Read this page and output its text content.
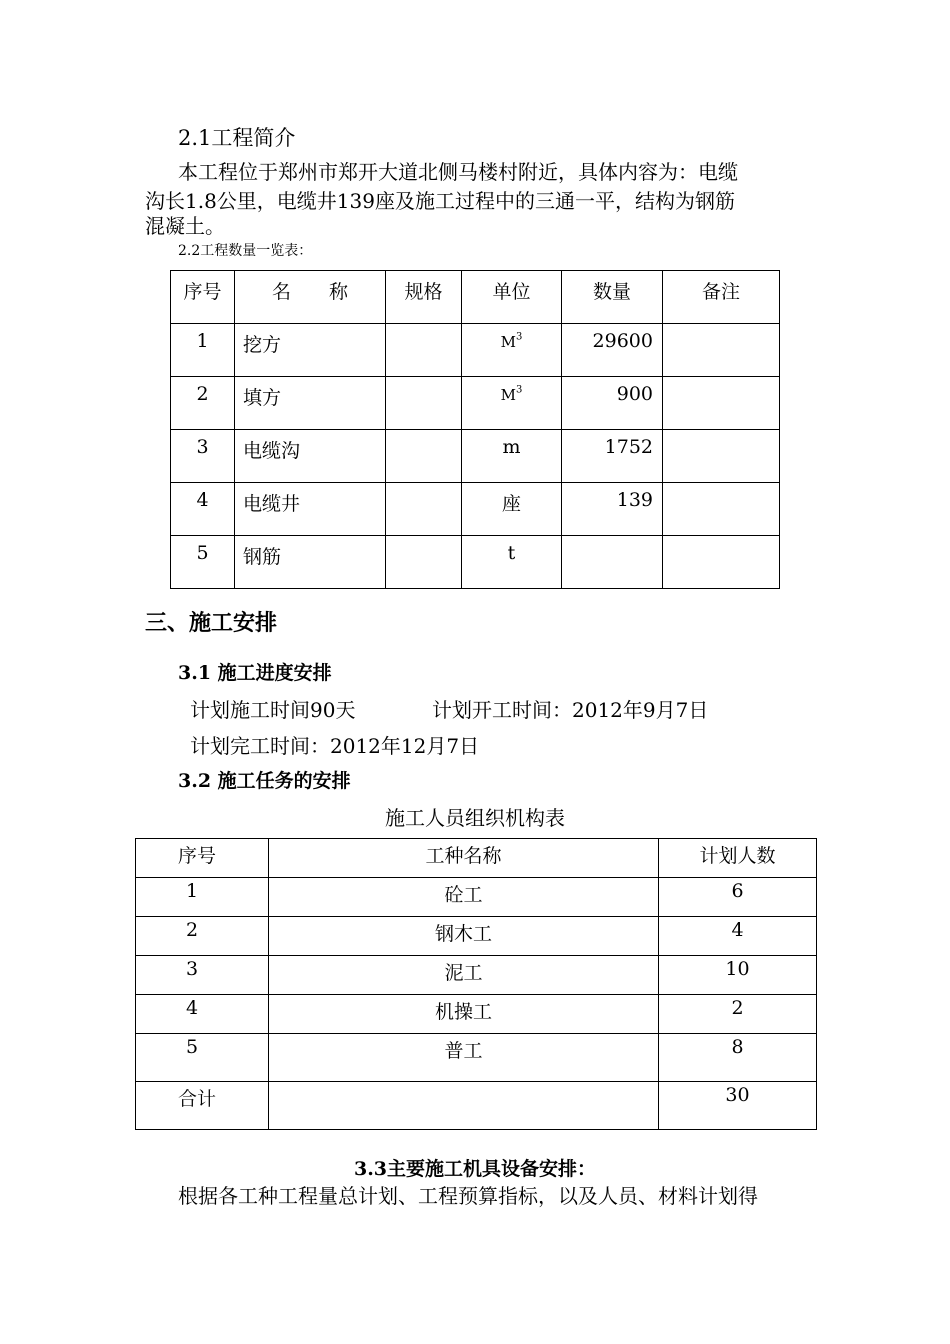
2.1工程简介
本工程位于郑州市郑开大道北侧马楼村附近，具体内容为：电缆
沟长1.8公里，电缆井139座及施工过程中的三通一平，结构为钢筋
混凝土。
2.2工程数量一览表：
序号	名　　称	规格	单位	数量	备注
1	挖方		$M^3$	29600	
2	填方		$M^3$	900	
3	电缆沟		m	1752	
4	电缆井		座	139	
5	钢筋		t		
三、施工安排
3.1 施工进度安排
计划施工时间90天	计划开工时间：2012年9月7日
计划完工时间：2012年12月7日
3.2 施工任务的安排
施工人员组织机构表
序号	工种名称	计划人数
1	砼工	6
2	钢木工	4
3	泥工	10
4	机操工	2
5	普工	8
合计		30
3.3主要施工机具设备安排：
根据各工种工程量总计划、工程预算指标，以及人员、材料计划得
